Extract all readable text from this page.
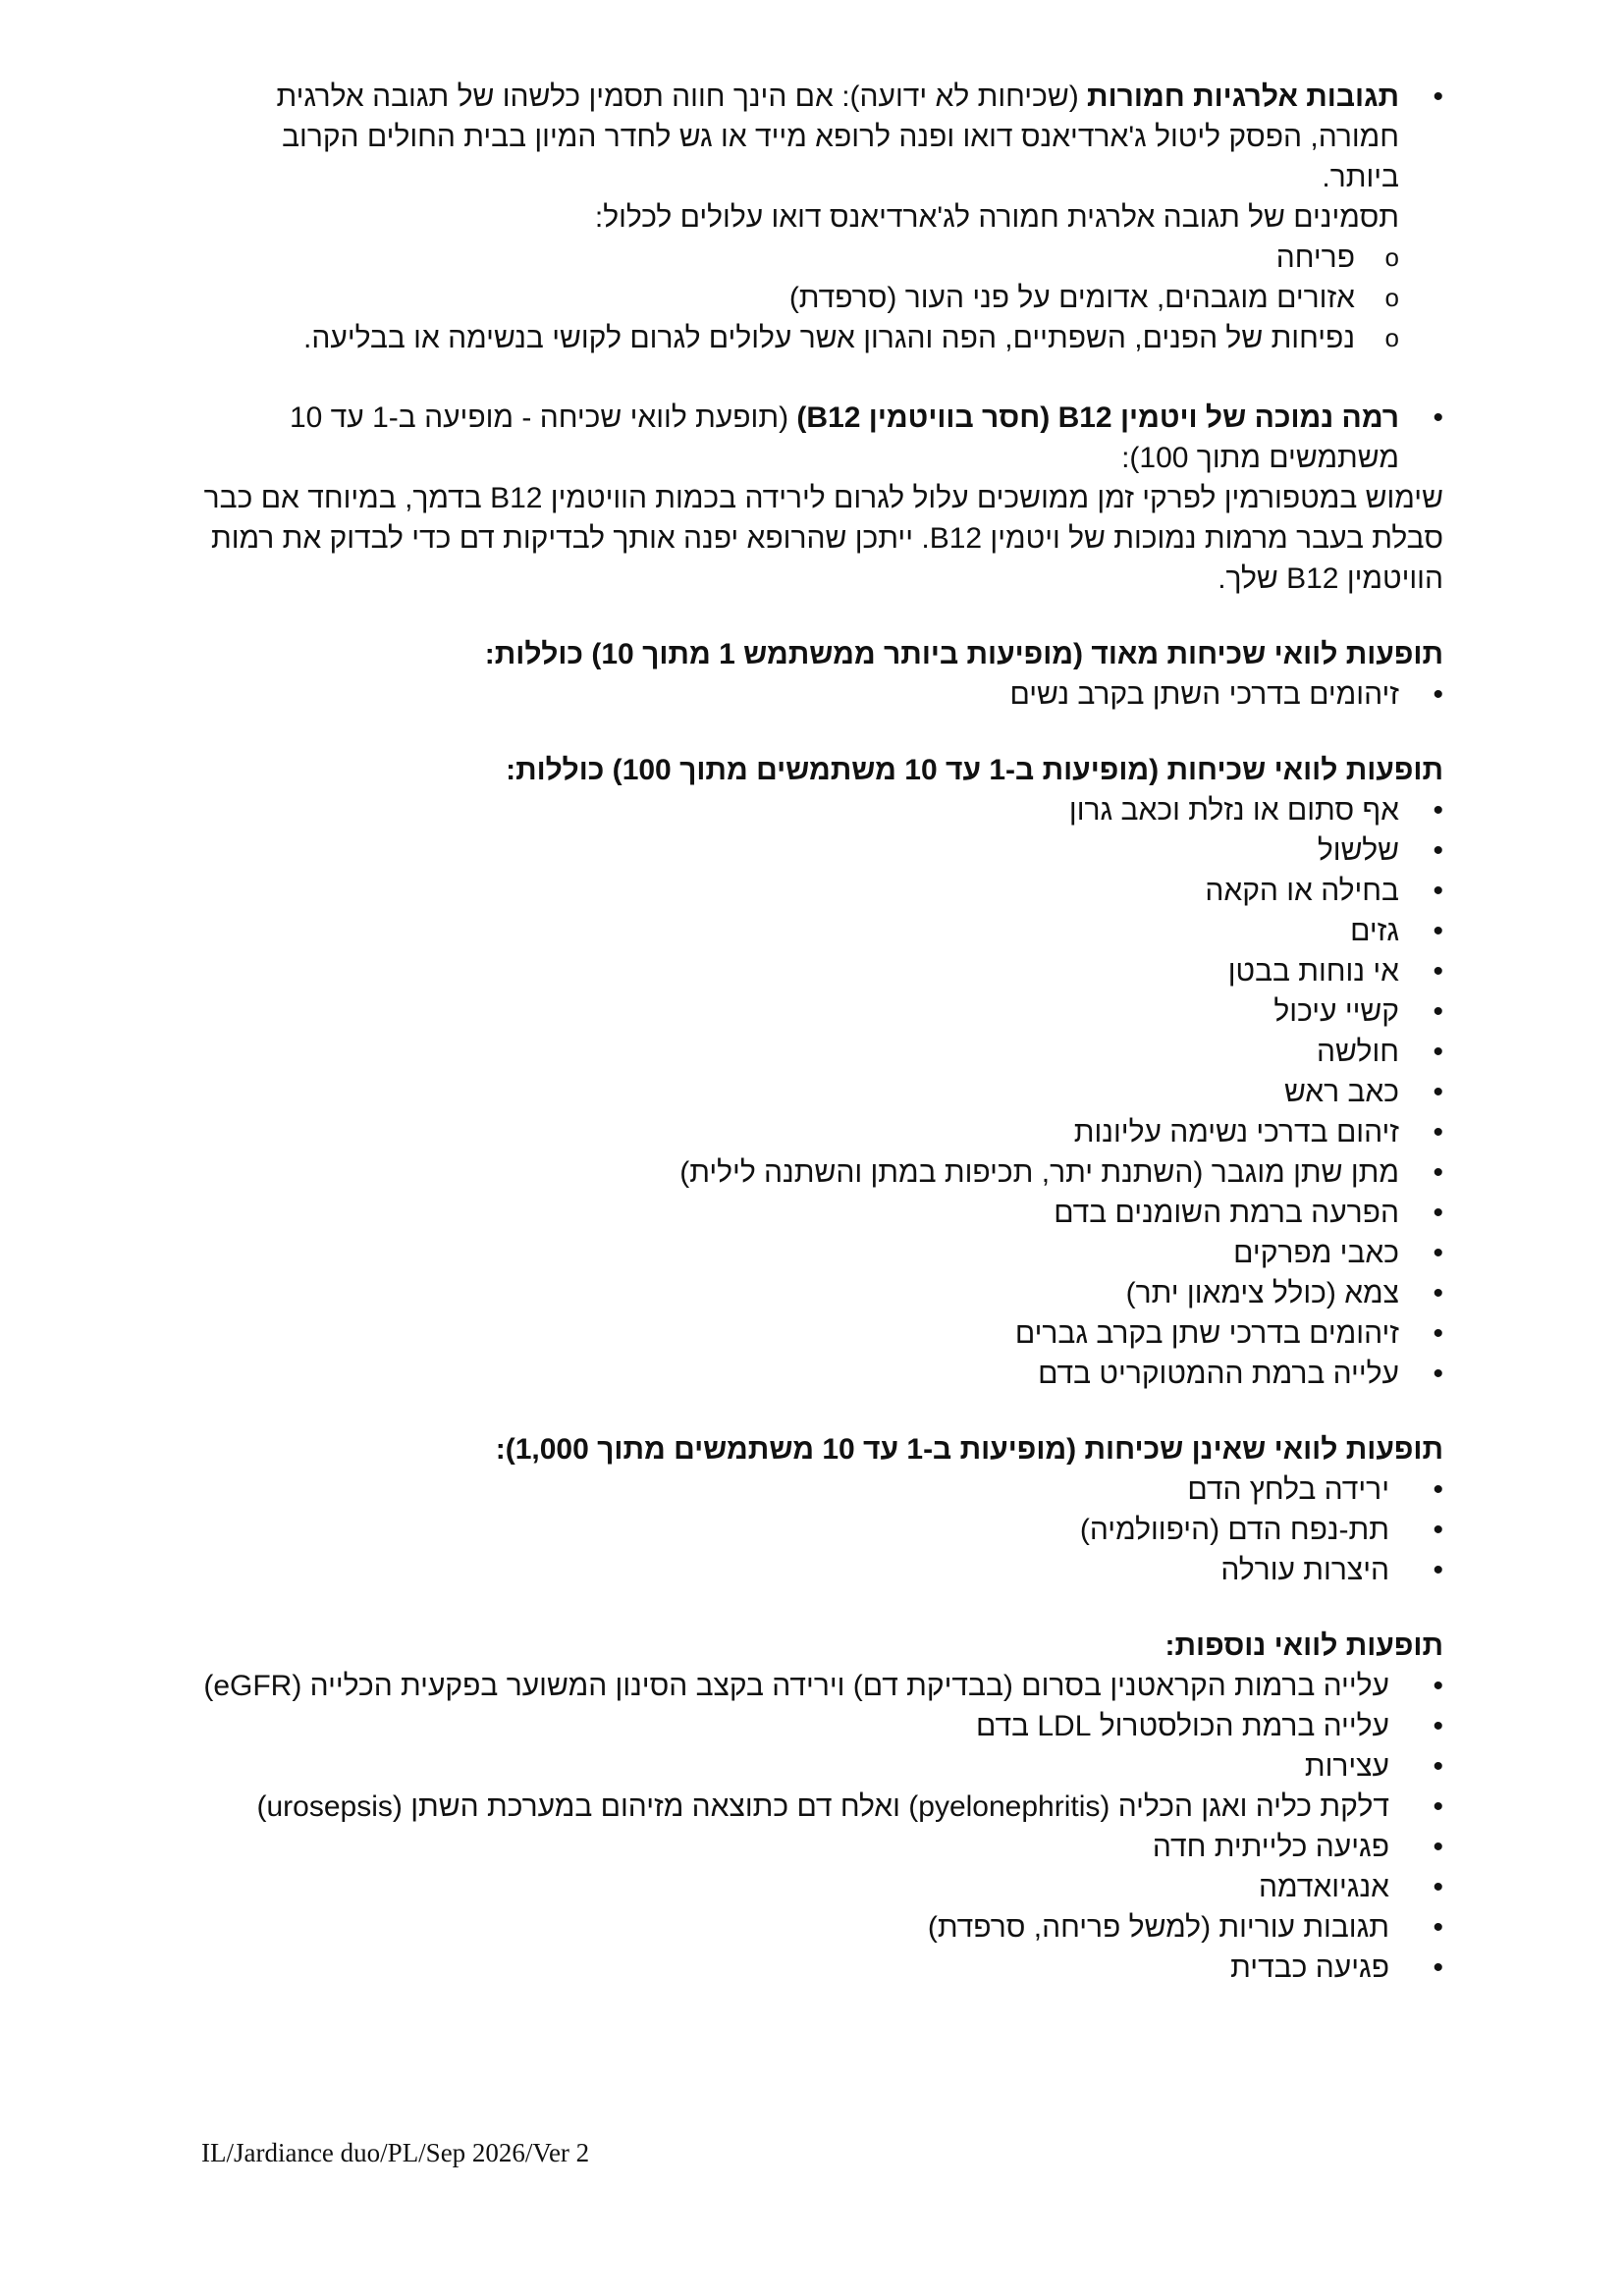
• תגובות אלרגיות חמורות (שכיחות לא ידועה): אם הינך חווה תסמין כלשהו של תגובה אלרגית חמורה, הפסק ליטול ג'ארדיאנס דואו ופנה לרופא מייד או גש לחדר המיון בבית החולים הקרוב ביותר.
תסמינים של תגובה אלרגית חמורה לג'ארדיאנס דואו עלולים לכלול:
o פריחה
o אזורים מוגבהים, אדומים על פני העור (סרפדת)
o נפיחות של הפנים, השפתיים, הפה והגרון אשר עלולים לגרום לקושי בנשימה או בבליעה.
• רמה נמוכה של ויטמין B12 (חסר בוויטמין B12) (תופעת לוואי שכיחה - מופיעה ב-1 עד 10 משתמשים מתוך 100):
שימוש במטפורמין לפרקי זמן ממושכים עלול לגרום לירידה בכמות הוויטמין B12 בדמך, במיוחד אם כבר סבלת בעבר מרמות נמוכות של ויטמין B12. ייתכן שהרופא יפנה אותך לבדיקות דם כדי לבדוק את רמות הוויטמין B12 שלך.
תופעות לוואי שכיחות מאוד (מופיעות ביותר ממשתמש 1 מתוך 10) כוללות:
• זיהומים בדרכי השתן בקרב נשים
תופעות לוואי שכיחות (מופיעות ב-1 עד 10 משתמשים מתוך 100) כוללות:
• אף סתום או נזלת וכאב גרון
• שלשול
• בחילה או הקאה
• גזים
• אי נוחות בבטן
• קשיי עיכול
• חולשה
• כאב ראש
• זיהום בדרכי נשימה עליונות
• מתן שתן מוגבר (השתנת יתר, תכיפות במתן והשתנה לילית)
• הפרעה ברמת השומנים בדם
• כאבי מפרקים
• צמא (כולל צימאון יתר)
• זיהומים בדרכי שתן בקרב גברים
• עלייה ברמת ההמטוקריט בדם
תופעות לוואי שאינן שכיחות (מופיעות ב-1 עד 10 משתמשים מתוך 1,000):
• ירידה בלחץ הדם
• תת-נפח הדם (היפוולמיה)
• היצרות עורלה
תופעות לוואי נוספות:
• עלייה ברמות הקראטנין בסרום (בבדיקת דם) וירידה בקצב הסינון המשוער בפקעית הכלייה (eGFR)
• עלייה ברמת הכולסטרול LDL בדם
• עצירות
• דלקת כליה ואגן הכליה (pyelonephritis) ואלח דם כתוצאה מזיהום במערכת השתן (urosepsis)
• פגיעה כלייתית חדה
• אנגיואדמה
• תגובות עוריות (למשל פריחה, סרפדת)
• פגיעה כבדית
IL/Jardiance duo/PL/Sep 2026/Ver 2
